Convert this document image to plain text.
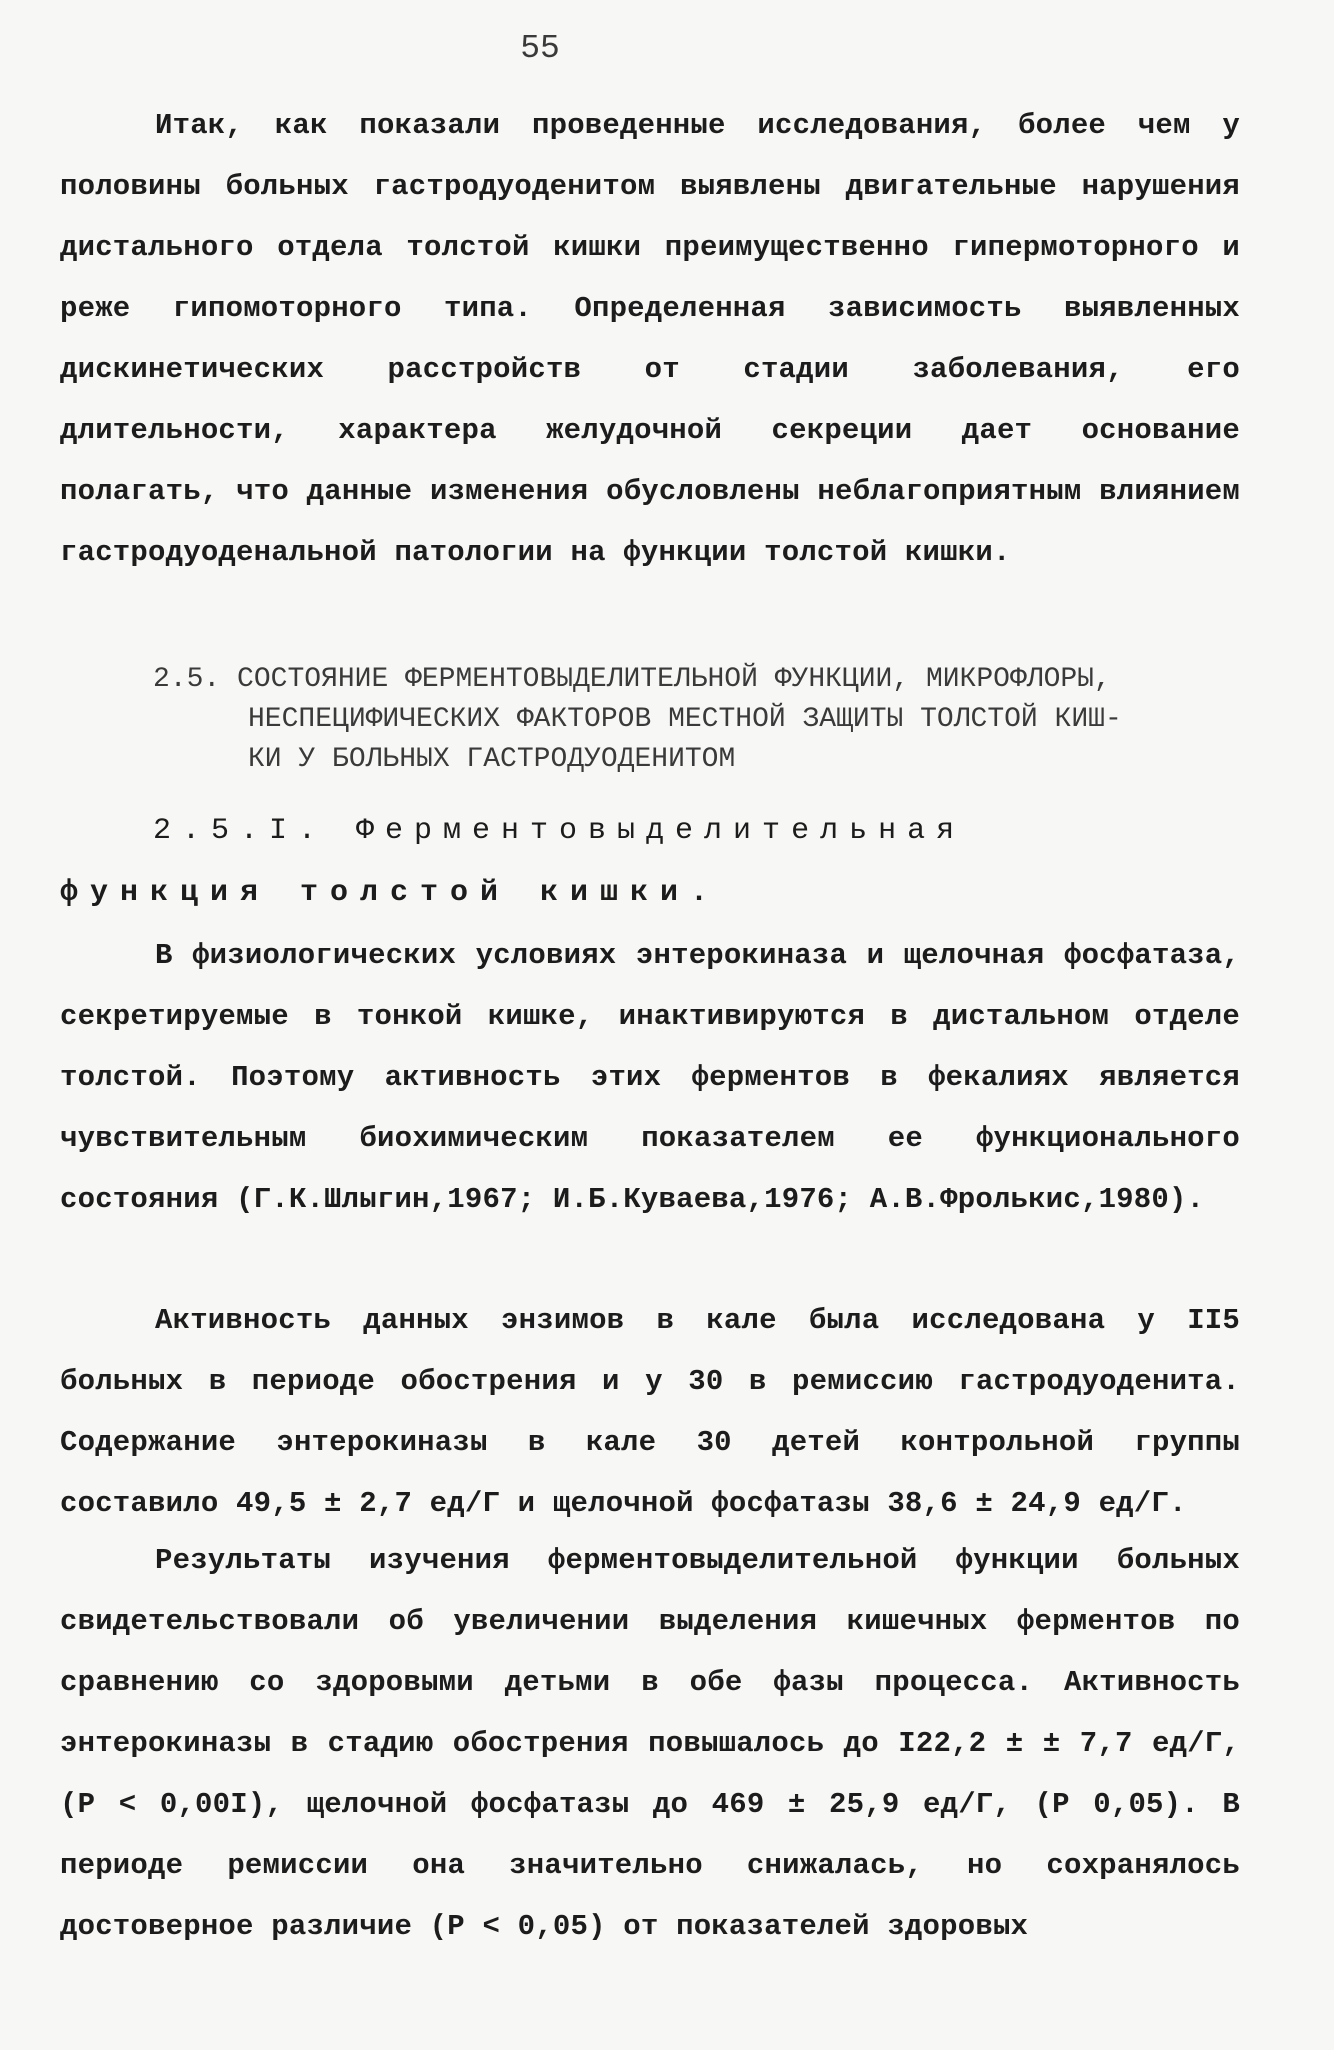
55

Итак, как показали проведенные исследования, более чем у половины больных гастродуоденитом выявлены двигательные нарушения дистального отдела толстой кишки преимущественно гипермоторного и реже гипомоторного типа. Определенная зависимость выявленных дискинетических расстройств от стадии заболевания, его длительности, характера желудочной секреции дает основание полагать, что данные изменения обусловлены неблагоприятным влиянием гастродуоденальной патологии на функции толстой кишки.

2.5. СОСТОЯНИЕ ФЕРМЕНТОВЫДЕЛИТЕЛЬНОЙ ФУНКЦИИ, МИКРОФЛОРЫ,
НЕСПЕЦИФИЧЕСКИХ ФАКТОРОВ МЕСТНОЙ ЗАЩИТЫ ТОЛСТОЙ КИШ-
КИ У БОЛЬНЫХ ГАСТРОДУОДЕНИТОМ
2.5.I. Ферментовыделительная
функция толстой кишки.

В физиологических условиях энтерокиназа и щелочная фосфатаза, секретируемые в тонкой кишке, инактивируются в дистальном отделе толстой. Поэтому активность этих ферментов в фекалиях является чувствительным биохимическим показателем ее функционального состояния (Г.К.Шлыгин,1967; И.Б.Куваева,1976; А.В.Фролькис,1980).

Активность данных энзимов в кале была исследована у II5 больных в периоде обострения и у 30 в ремиссию гастродуоденита. Содержание энтерокиназы в кале 30 детей контрольной группы составило 49,5 ± 2,7 ед/Г и щелочной фосфатазы 38,6 ± 24,9 ед/Г.

Результаты изучения ферментовыделительной функции больных свидетельствовали об увеличении выделения кишечных ферментов по сравнению со здоровыми детьми в обе фазы процесса. Активность энтерокиназы в стадию обострения повышалось до I22,2 ± ± 7,7 ед/Г, (Р < 0,00I), щелочной фосфатазы до 469 ± 25,9 ед/Г, (Р 0,05). В периоде ремиссии она значительно снижалась, но сохранялось достоверное различие (Р < 0,05) от показателей здоровых
